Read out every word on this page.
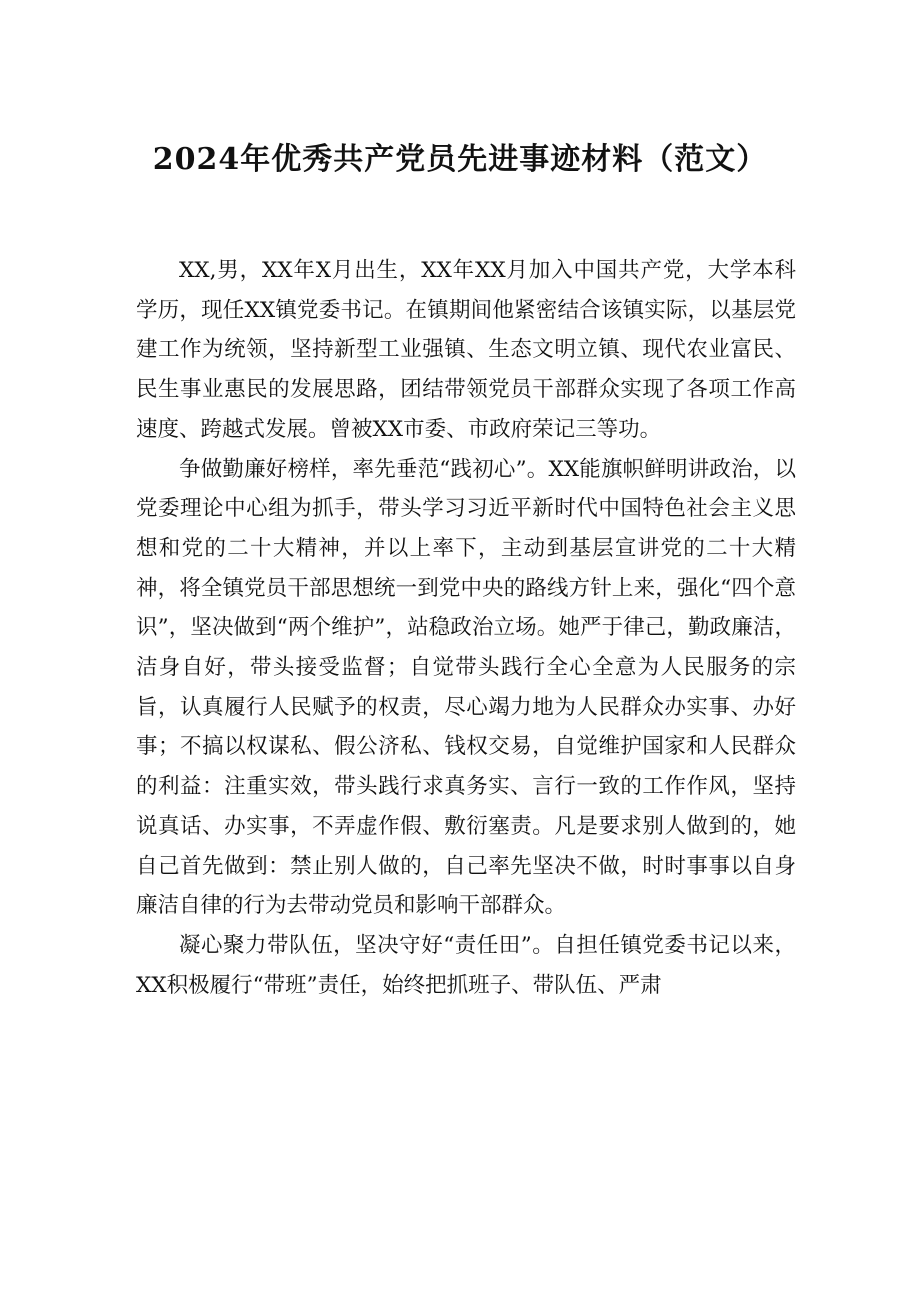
2024年优秀共产党员先进事迹材料（范文）

XX,男，XX年X月出生，XX年XX月加入中国共产党，大学本科学历，现任XX镇党委书记。在镇期间他紧密结合该镇实际，以基层党建工作为统领，坚持新型工业强镇、生态文明立镇、现代农业富民、民生事业惠民的发展思路，团结带领党员干部群众实现了各项工作高速度、跨越式发展。曾被XX市委、市政府荣记三等功。

争做勤廉好榜样，率先垂范“践初心”。XX能旗帜鲜明讲政治，以党委理论中心组为抓手，带头学习习近平新时代中国特色社会主义思想和党的二十大精神，并以上率下，主动到基层宣讲党的二十大精神，将全镇党员干部思想统一到党中央的路线方针上来，强化“四个意识”，坚决做到“两个维护”，站稳政治立场。她严于律己，勤政廉洁，洁身自好，带头接受监督；自觉带头践行全心全意为人民服务的宗旨，认真履行人民赋予的权责，尽心竭力地为人民群众办实事、办好事；不搞以权谋私、假公济私、钱权交易，自觉维护国家和人民群众的利益：注重实效，带头践行求真务实、言行一致的工作作风，坚持说真话、办实事，不弄虚作假、敷衍塞责。凡是要求别人做到的，她自己首先做到：禁止别人做的，自己率先坚决不做，时时事事以自身廉洁自律的行为去带动党员和影响干部群众。

凝心聚力带队伍，坚决守好“责任田”。自担任镇党委书记以来，XX积极履行“带班”责任，始终把抓班子、带队伍、严肃
